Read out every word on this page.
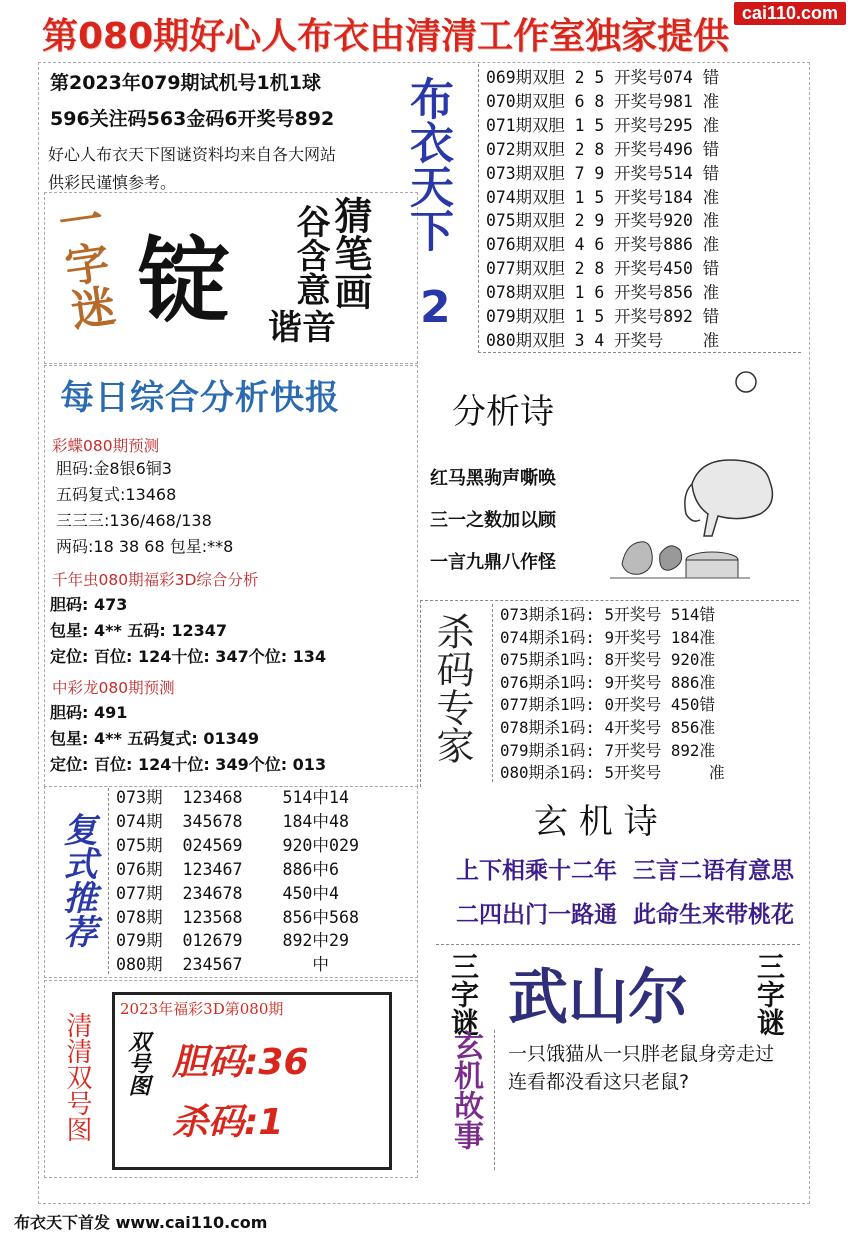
第080期好心人布衣由清清工作室独家提供
cai110.com
第2023年079期试机号1机1球
596关注码563金码6开奖号892
好心人布衣天下图谜资料均来自各大网站
供彩民谨慎参考。
一字迷 锭	猜笔画
谷含意
谐音
布衣天下
2
069期双胆 2 5 开奖号074 错
070期双胆 6 8 开奖号981 准
071期双胆 1 5 开奖号295 准
072期双胆 2 8 开奖号496 错
073期双胆 7 9 开奖号514 错
074期双胆 1 5 开奖号184 准
075期双胆 2 9 开奖号920 准
076期双胆 4 6 开奖号886 准
077期双胆 2 8 开奖号450 错
078期双胆 1 6 开奖号856 准
079期双胆 1 5 开奖号892 错
080期双胆 3 4 开奖号    准
每日综合分析快报
彩蝶080期预测
胆码:金8银6铜3
五码复式:13468
三三三:136/468/138
两码:18 38 68 包星:**8
千年虫080期福彩3D综合分析
胆码: 473
包星: 4** 五码: 12347
定位: 百位: 124十位: 347个位: 134
中彩龙080期预测
胆码: 491
包星: 4** 五码复式: 01349
定位: 百位: 124十位: 349个位: 013
分析诗
红马黑驹声嘶唤
三一之数加以顾
一言九鼎八作怪
杀码专家 073期杀1码: 5开奖号 514错
074期杀1码: 9开奖号 184准
075期杀1吗: 8开奖号 920准
076期杀1吗: 9开奖号 886准
077期杀1吗: 0开奖号 450错
078期杀1码: 4开奖号 856准
079期杀1码: 7开奖号 892准
080期杀1码: 5开奖号     准
复式推荐
073期  123468    514中14
074期  345678    184中48
075期  024569    920中029
076期  123467    886中6
077期  234678    450中4
078期  123568    856中568
079期  012679    892中29
080期  234567       中
玄 机 诗
上下相乘十二年  三言二语有意思
二四出门一路通  此命生来带桃花
三字谜 武山尔 三字谜
玄机故事 一只饿猫从一只胖老鼠身旁走过连看都没看这只老鼠?
清清双号图
2023年福彩3D第080期
双号图 胆码:36
杀码:1
布衣天下首发 www.cai110.com
